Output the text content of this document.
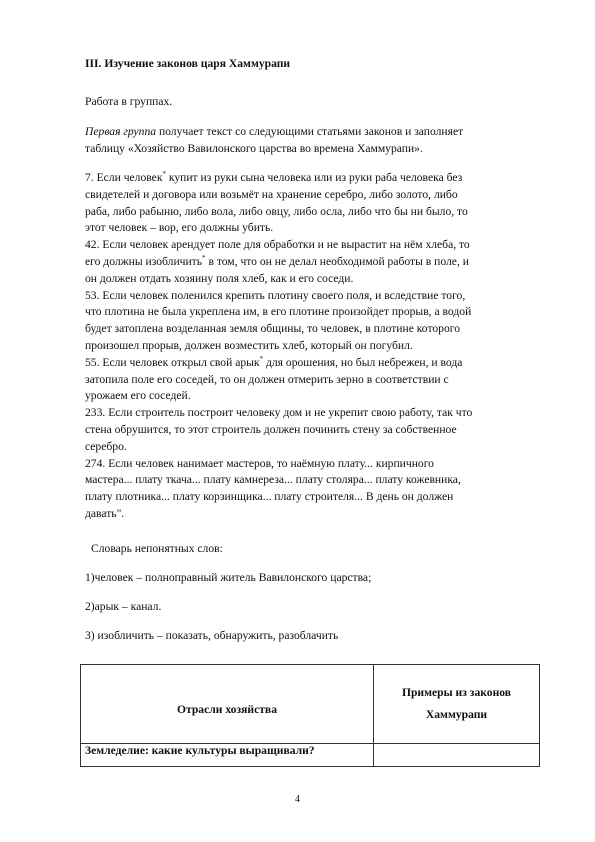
III. Изучение законов царя Хаммурапи
Работа в группах.
Первая группа получает текст со следующими статьями законов и заполняет
таблицу «Хозяйство Вавилонского царства во времена Хаммурапи».
7. Если человек* купит из руки сына человека или из руки раба человека без
свидетелей и договора или возьмёт на хранение серебро, либо золото, либо
раба, либо рабыню, либо вола, либо овцу, либо осла, либо что бы ни было, то
этот человек – вор, его должны убить.
42. Если человек арендует поле для обработки и не вырастит на нём хлеба, то
его должны изобличить* в том, что он не делал необходимой работы в поле, и
он должен отдать хозяину поля хлеб, как и его соседи.
53. Если человек поленился крепить плотину своего поля, и вследствие того,
что плотина не была укреплена им, в его плотине произойдет прорыв, а водой
будет затоплена возделанная земля общины, то человек, в плотине которого
произошел прорыв, должен возместить хлеб, который он погубил.
55. Если человек открыл свой арык* для орошения, но был небрежен, и вода
затопила поле его соседей, то он должен отмерить зерно в соответствии с
урожаем его соседей.
233. Если строитель построит человеку дом и не укрепит свою работу, так что
стена обрушится, то этот строитель должен починить стену за собственное
серебро.
274. Если человек нанимает мастеров, то наёмную плату... кирпичного
мастера... плату ткача... плату камнереза... плату столяра... плату кожевника,
плату плотника... плату корзинщика... плату строителя... В день он должен
давать".
Словарь непонятных слов:
1)человек – полноправный житель Вавилонского царства;
2)арык – канал.
3) изобличить – показать, обнаружить, разоблачить
Отрасли хозяйства	Примеры из законов
Хаммурапи

Земледелие: какие культуры выращивали?	
4
